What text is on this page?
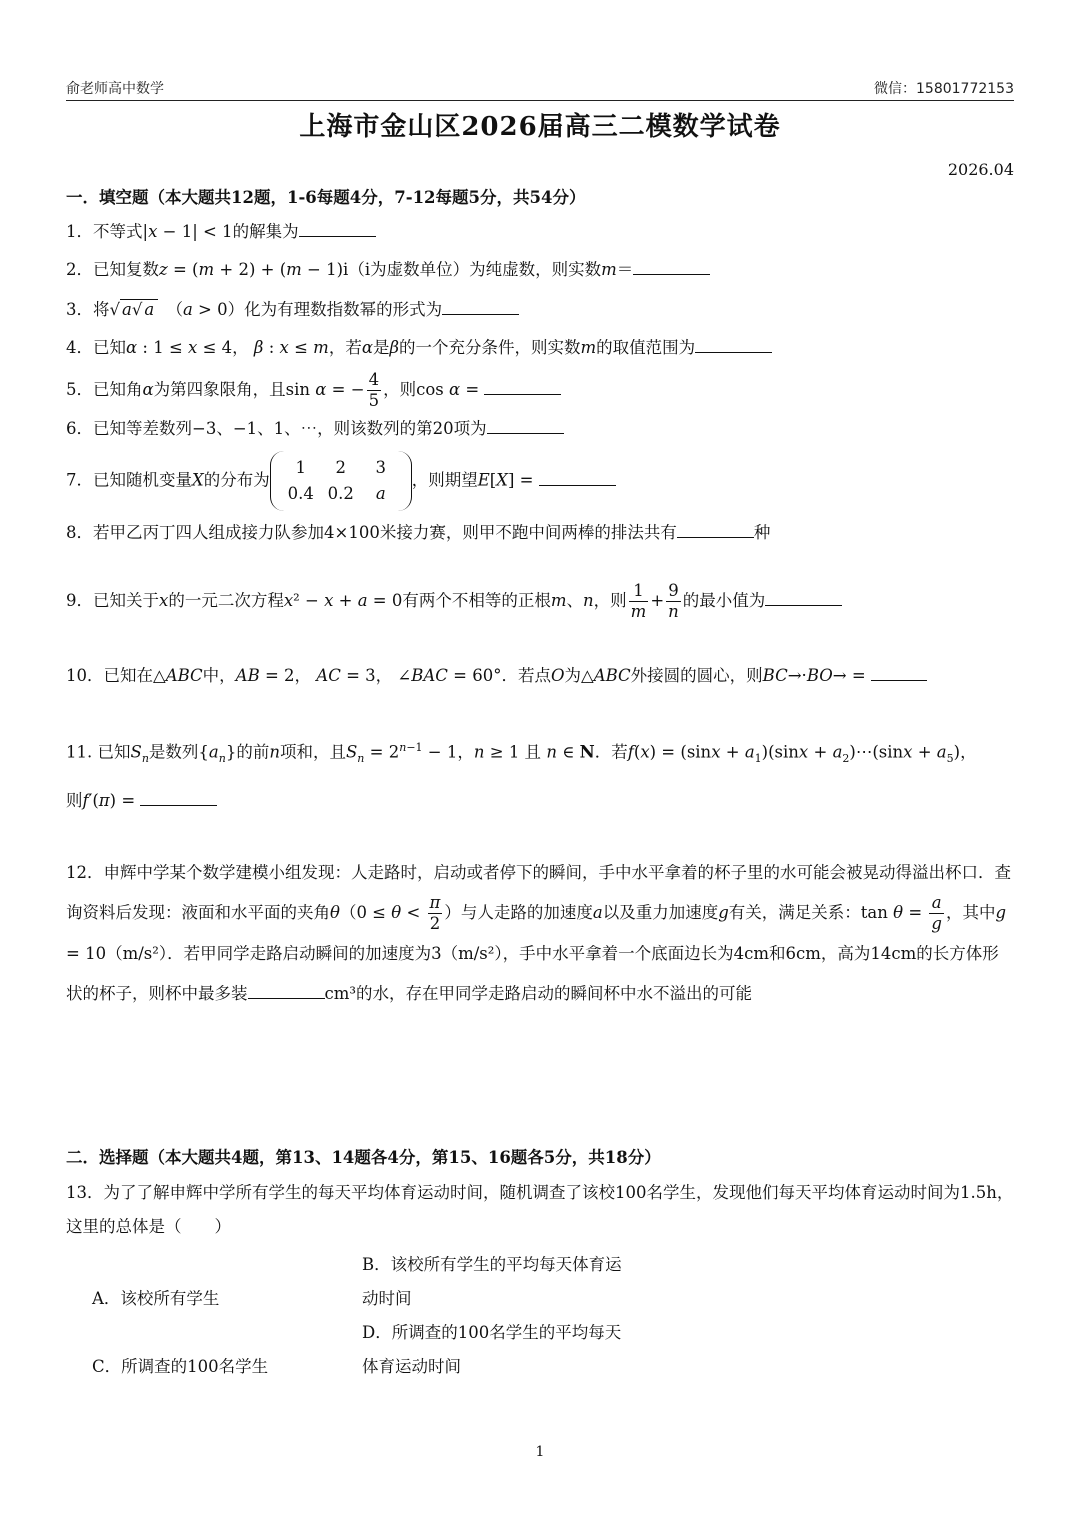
俞老师高中数学	微信：15801772153
上海市金山区2026届高三二模数学试卷
2026.04
一．填空题（本大题共12题，1-6每题4分，7-12每题5分，共54分）
1．不等式|x − 1| < 1的解集为
2．已知复数z = (m + 2) + (m − 1)i（i为虚数单位）为纯虚数，则实数m＝
3．将√ a√ a　 （a > 0）化为有理数指数幂的形式为
4．已知α : 1 ≤ x ≤ 4， β : x ≤ m，若α是β的一个充分条件，则实数m的取值范围为
5．已知角α为第四象限角，且sin α = − $\frac{4}{5}$ ，则cos α =
6．已知等差数列−3、−1、1、⋯，则该数列的第20项为
7．已知随机变量X的分布为
1 2 3
0.4 0.2 a
，则期望E[X] =
8．若甲乙丙丁四人组成接力队参加4×100米接力赛，则甲不跑中间两棒的排法共有	种
9．已知关于x的一元二次方程x² − x + a = 0有两个不相等的正根m、n，则 $\frac{1}{m} + \frac{9}{n}$ 的最小值为
10．已知在△ABC中，AB = 2， AC = 3， ∠BAC = 60°．若点O为△ABC外接圆的圆心，则BC→·BO→ =
11. 已知$S_n$是数列$\{a_n\}$的前n项和，且$S_n = 2^{n-1} - 1$，n ≥ 1 且 n ∈ N．若$f(x) = (\sin x + a_1)(\sin x$ + $a_2)\cdots(\sin x + a_5)$，
则f′(π) =
12．申辉中学某个数学建模小组发现：人走路时，启动或者停下的瞬间，手中水平拿着的杯子里的水可能会被晃动得溢出杯口．查询资料后发现：液面和水平面的夹角$\theta(0 \le \theta < \frac{\pi}{2}$ ）与人走路的加速度a以及重力加速度g有关，满足关系：$\tan \theta = \frac{a}{g}$ ，其中g = 10（m/s²）．若甲同学走路启动瞬间的加速度为3（m/s²），手中水平拿着一个底面边长为4cm和6cm，高为14cm的长方体形状的杯子，则杯中最多装	cm³的水，存在甲同学走路启动的瞬间杯中水不溢出的可能
二．选择题（本大题共4题，第13、14题各4分，第15、16题各5分，共18分）
13．为了了解申辉中学所有学生的每天平均体育运动时间，随机调查了该校100名学生，发现他们每天平均体育运动时间为1.5h，这里的总体是（　　）
A．该校所有学生B．该校所有学生的平均每天体育运动时间
C．所调查的100名学生D．所调查的100名学生的平均每天体育运动时间
1
